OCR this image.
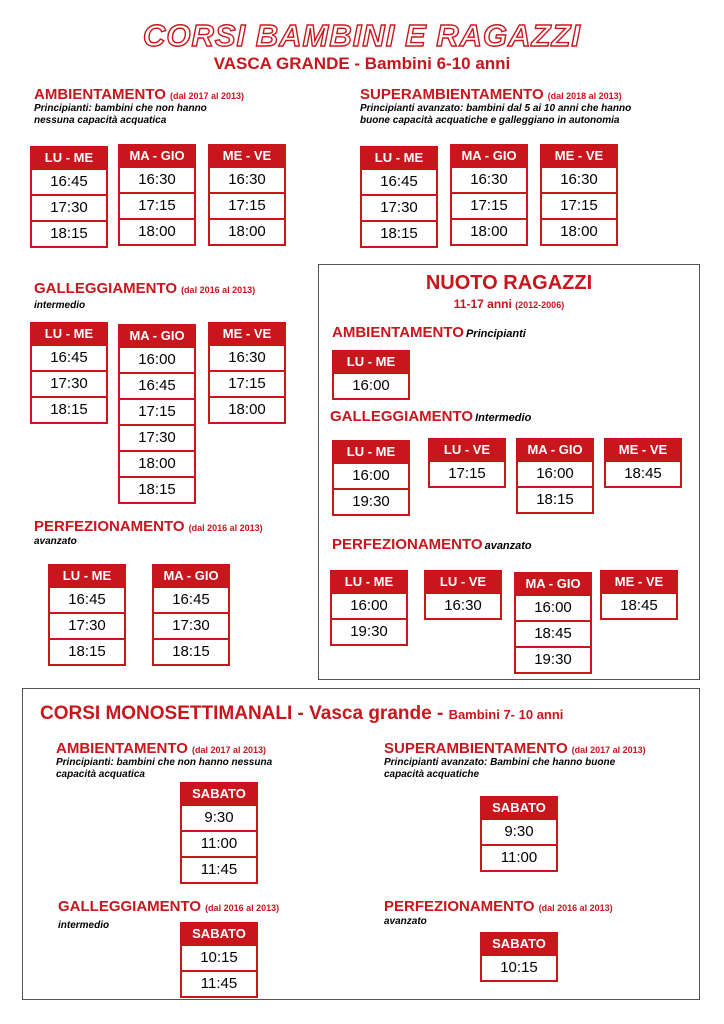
CORSI BAMBINI E RAGAZZI
VASCA GRANDE - Bambini 6-10 anni
AMBIENTAMENTO (dal 2017 al 2013)
Principianti: bambini che non hanno
nessuna capacità acquatica
LU - ME
16:45
17:30
18:15
MA - GIO
16:30
17:15
18:00
ME - VE
16:30
17:15
18:00
SUPERAMBIENTAMENTO (dal 2018 al 2013)
Principianti avanzato: bambini dal 5 ai 10 anni che hanno
buone capacità acquatiche e galleggiano in autonomia
LU - ME
16:45
17:30
18:15
MA - GIO
16:30
17:15
18:00
ME - VE
16:30
17:15
18:00
GALLEGGIAMENTO (dal 2016 al 2013)
intermedio
LU - ME
16:45
17:30
18:15
MA - GIO
16:00
16:45
17:15
17:30
18:00
18:15
ME - VE
16:30
17:15
18:00
PERFEZIONAMENTO (dal 2016 al 2013)
avanzato
LU - ME
16:45
17:30
18:15
MA - GIO
16:45
17:30
18:15
NUOTO RAGAZZI
11-17 anni (2012-2006)
AMBIENTAMENTO Principianti
LU - ME
16:00
GALLEGGIAMENTO Intermedio
LU - ME
16:00
19:30
LU - VE
17:15
MA - GIO
16:00
18:15
ME - VE
18:45
PERFEZIONAMENTO avanzato
LU - ME
16:00
19:30
LU - VE
16:30
MA - GIO
16:00
18:45
19:30
ME - VE
18:45
CORSI MONOSETTIMANALI - Vasca grande - Bambini 7- 10 anni
AMBIENTAMENTO (dal 2017 al 2013)
Principianti: bambini che non hanno nessuna
capacità acquatica
SABATO
9:30
11:00
11:45
SUPERAMBIENTAMENTO (dal 2017 al 2013)
Principianti avanzato: Bambini che hanno buone
capacità acquatiche
SABATO
9:30
11:00
GALLEGGIAMENTO (dal 2016 al 2013)
intermedio
SABATO
10:15
11:45
PERFEZIONAMENTO (dal 2016 al 2013)
avanzato
SABATO
10:15
